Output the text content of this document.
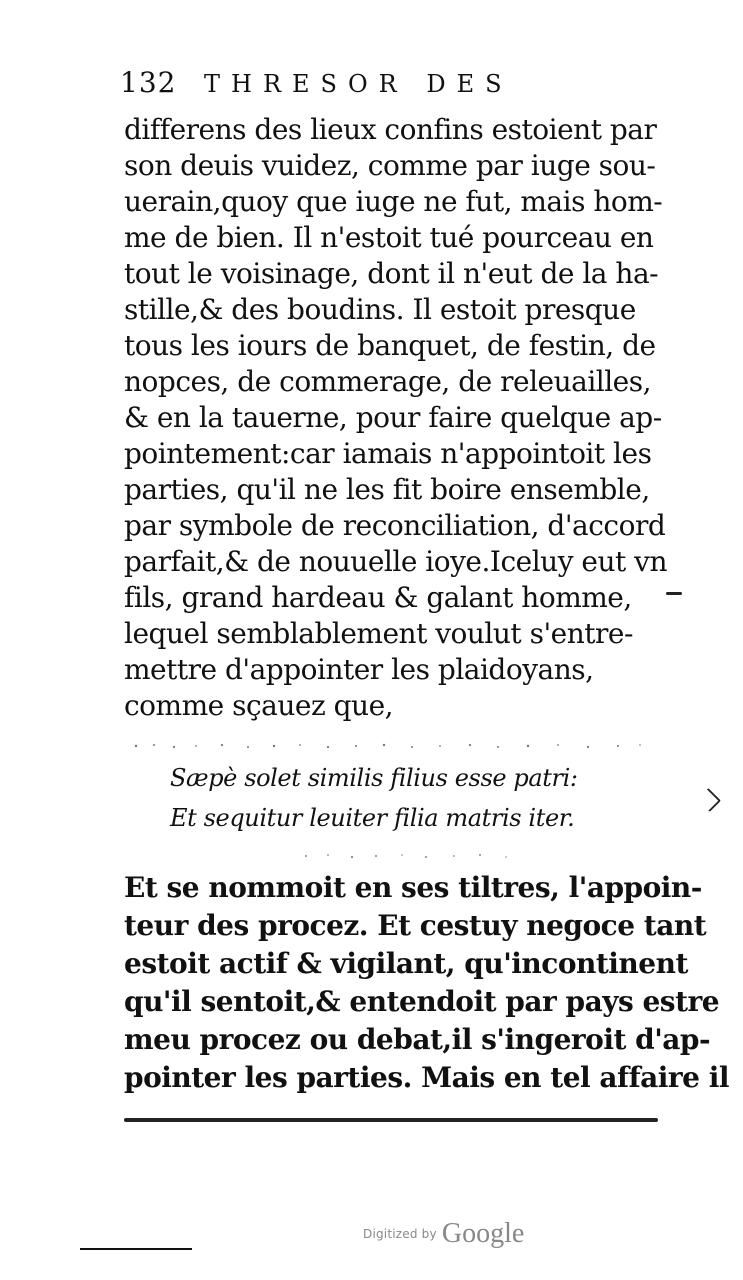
132 THRESOR DES
differens des lieux confins estoient par
son deuis vuidez, comme par iuge sou-
uerain,quoy que iuge ne fut, mais hom-
me de bien. Il n'estoit tué pourceau en
tout le voisinage, dont il n'eut de la ha-
stille,& des boudins. Il estoit presque
tous les iours de banquet, de festin, de
nopces, de commerage, de releuailles,
& en la tauerne, pour faire quelque ap-
pointement:car iamais n'appointoit les
parties, qu'il ne les fit boire ensemble,
par symbole de reconciliation, d'accord
parfait,& de nouuelle ioye.Iceluy eut vn
fils, grand hardeau & galant homme,
lequel semblablement voulut s'entre-
mettre d'appointer les plaidoyans,
comme sçauez que,
Sæpè solet similis filius esse patri:
Et sequitur leuiter filia matris iter.
Et se nommoit en ses tiltres, l'appoin-
teur des procez. Et cestuy negoce tant
estoit actif & vigilant, qu'incontinent
qu'il sentoit,& entendoit par pays estre
meu procez ou debat,il s'ingeroit d'ap-
pointer les parties. Mais en tel affaire il
Digitized by Google
